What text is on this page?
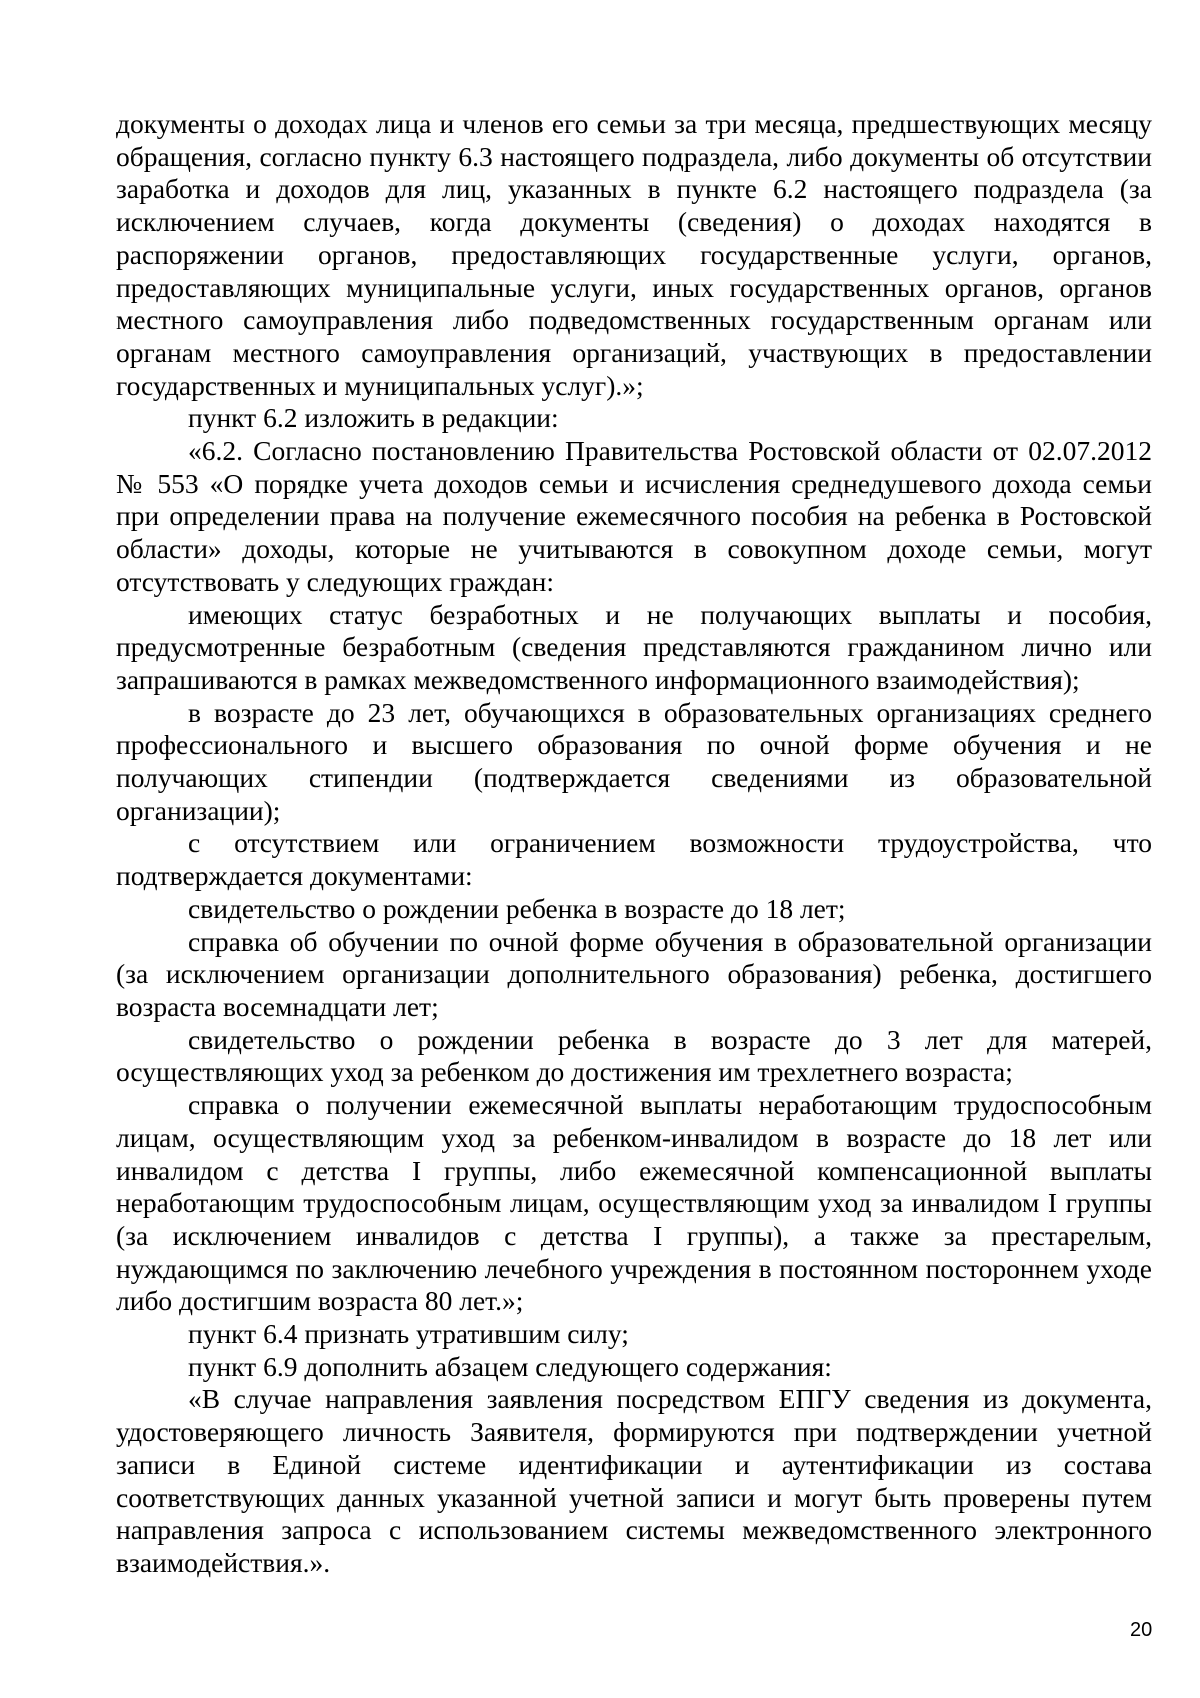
документы о доходах лица и членов его семьи за три месяца, предшествующих месяцу обращения, согласно пункту 6.3 настоящего подраздела, либо документы об отсутствии заработка и доходов для лиц, указанных в пункте 6.2 настоящего подраздела (за исключением случаев, когда документы (сведения) о доходах находятся в распоряжении органов, предоставляющих государственные услуги, органов, предоставляющих муниципальные услуги, иных государственных органов, органов местного самоуправления либо подведомственных государственным органам или органам местного самоуправления организаций, участвующих в предоставлении государственных и муниципальных услуг).»;

пункт 6.2 изложить в редакции:

«6.2. Согласно постановлению Правительства Ростовской области от 02.07.2012 № 553 «О порядке учета доходов семьи и исчисления среднедушевого дохода семьи при определении права на получение ежемесячного пособия на ребенка в Ростовской области» доходы, которые не учитываются в совокупном доходе семьи, могут отсутствовать у следующих граждан:

имеющих статус безработных и не получающих выплаты и пособия, предусмотренные безработным (сведения представляются гражданином лично или запрашиваются в рамках межведомственного информационного взаимодействия);

в возрасте до 23 лет, обучающихся в образовательных организациях среднего профессионального и высшего образования по очной форме обучения и не получающих стипендии (подтверждается сведениями из образовательной организации);

с отсутствием или ограничением возможности трудоустройства, что подтверждается документами:

свидетельство о рождении ребенка в возрасте до 18 лет;

справка об обучении по очной форме обучения в образовательной организации (за исключением организации дополнительного образования) ребенка, достигшего возраста восемнадцати лет;

свидетельство о рождении ребенка в возрасте до 3 лет для матерей, осуществляющих уход за ребенком до достижения им трехлетнего возраста;

справка о получении ежемесячной выплаты неработающим трудоспособным лицам, осуществляющим уход за ребенком-инвалидом в возрасте до 18 лет или инвалидом с детства I группы, либо ежемесячной компенсационной выплаты неработающим трудоспособным лицам, осуществляющим уход за инвалидом I группы (за исключением инвалидов с детства I группы), а также за престарелым, нуждающимся по заключению лечебного учреждения в постоянном постороннем уходе либо достигшим возраста 80 лет.»;

пункт 6.4 признать утратившим силу;

пункт 6.9 дополнить абзацем следующего содержания:

«В случае направления заявления посредством ЕПГУ сведения из документа, удостоверяющего личность Заявителя, формируются при подтверждении учетной записи в Единой системе идентификации и аутентификации из состава соответствующих данных указанной учетной записи и могут быть проверены путем направления запроса с использованием системы межведомственного электронного взаимодействия.».

20
